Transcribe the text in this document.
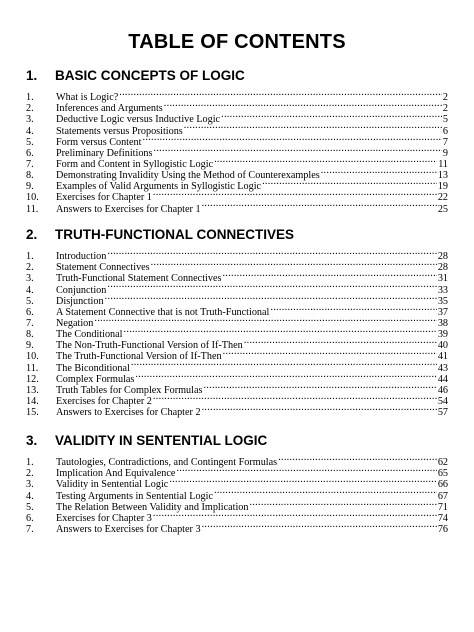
TABLE OF CONTENTS
1.	BASIC CONCEPTS OF LOGIC
1.	What is Logic? .....	2
2.	Inferences and Arguments .....	2
3.	Deductive Logic versus Inductive Logic .....	5
4.	Statements versus Propositions .....	6
5.	Form versus Content .....	7
6.	Preliminary Definitions .....	9
7.	Form and Content in Syllogistic Logic .....	11
8.	Demonstrating Invalidity Using the Method of Counterexamples .....	13
9.	Examples of Valid Arguments in Syllogistic Logic .....	19
10.	Exercises for Chapter 1 .....	22
11.	Answers to Exercises for Chapter 1 .....	25
2.	TRUTH-FUNCTIONAL CONNECTIVES
1.	Introduction .....	28
2.	Statement Connectives .....	28
3.	Truth-Functional Statement Connectives .....	31
4.	Conjunction .....	33
5.	Disjunction .....	35
6.	A Statement Connective that is not Truth-Functional .....	37
7.	Negation .....	38
8.	The Conditional .....	39
9.	The Non-Truth-Functional Version of If-Then .....	40
10.	The Truth-Functional Version of If-Then .....	41
11.	The Biconditional .....	43
12.	Complex Formulas .....	44
13.	Truth Tables for Complex Formulas .....	46
14.	Exercises for Chapter 2 .....	54
15.	Answers to Exercises for Chapter 2 .....	57
3.	VALIDITY IN SENTENTIAL LOGIC
1.	Tautologies, Contradictions, and Contingent Formulas .....	62
2.	Implication And Equivalence .....	65
3.	Validity in Sentential Logic .....	66
4.	Testing Arguments in Sentential Logic .....	67
5.	The Relation Between Validity and Implication .....	71
6.	Exercises for Chapter 3 .....	74
7.	Answers to Exercises for Chapter 3 .....	76
